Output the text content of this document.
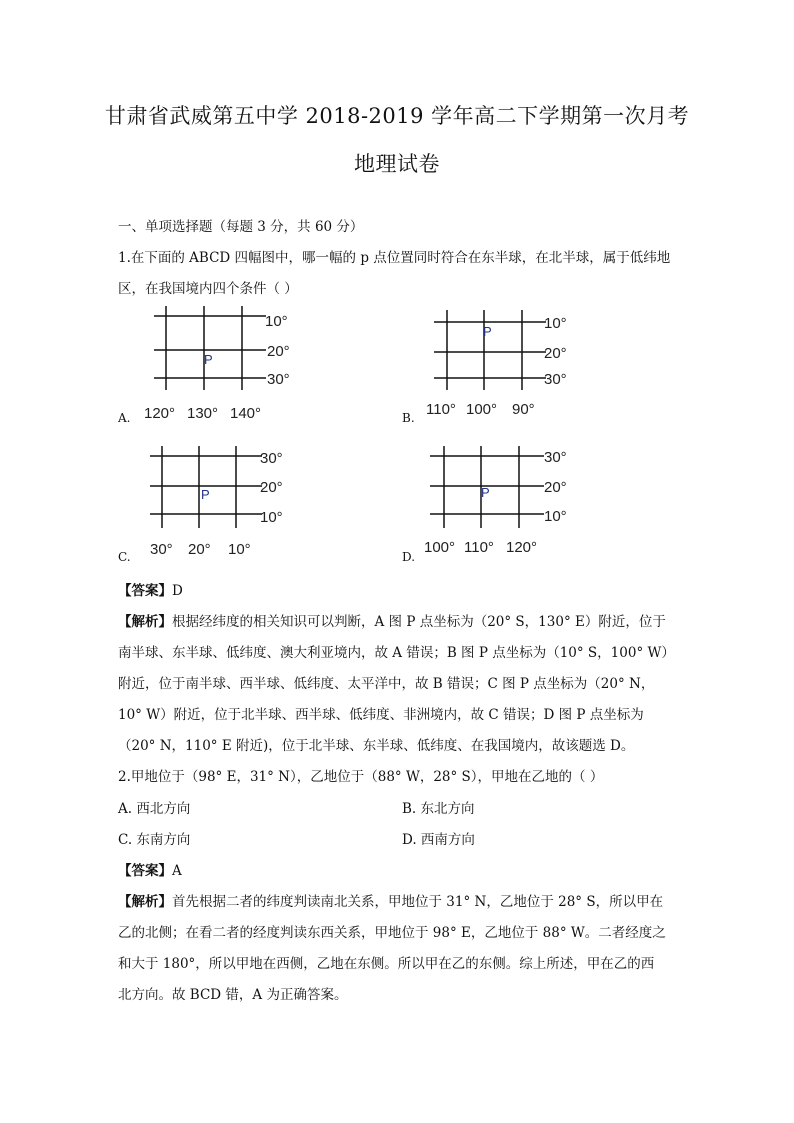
甘肃省武威第五中学 2018-2019 学年高二下学期第一次月考
地理试卷
一、单项选择题（每题 3 分，共 60 分）
1.在下面的 ABCD 四幅图中，哪一幅的 p 点位置同时符合在东半球，在北半球，属于低纬地
区，在我国境内四个条件（ ）
A.
P
10°
20°
30°
120° 130° 140°	B.
P	10°
20°
30°
110° 100° 90°
C.
P
30°
20°
10°
30° 20° 10°	D.
P
30°
20°
10°
100° 110° 120°
【答案】D
【解析】根据经纬度的相关知识可以判断，A 图 P 点坐标为（20° S，130° E）附近，位于
南半球、东半球、低纬度、澳大利亚境内，故 A 错误；B 图 P 点坐标为（10° S，100° W）
附近，位于南半球、西半球、低纬度、太平洋中，故 B 错误；C 图 P 点坐标为（20° N，
10° W）附近，位于北半球、西半球、低纬度、非洲境内，故 C 错误；D 图 P 点坐标为
（20° N，110° E 附近)，位于北半球、东半球、低纬度、在我国境内，故该题选 D。
2.甲地位于（98° E，31° N），乙地位于（88° W，28° S），甲地在乙地的（ ）
A. 西北方向	B. 东北方向
C. 东南方向	D. 西南方向
【答案】A
【解析】首先根据二者的纬度判读南北关系，甲地位于 31° N，乙地位于 28° S，所以甲在
乙的北侧；在看二者的经度判读东西关系，甲地位于 98° E，乙地位于 88° W。二者经度之
和大于 180°，所以甲地在西侧，乙地在东侧。所以甲在乙的东侧。综上所述，甲在乙的西
北方向。故 BCD 错，A 为正确答案。
